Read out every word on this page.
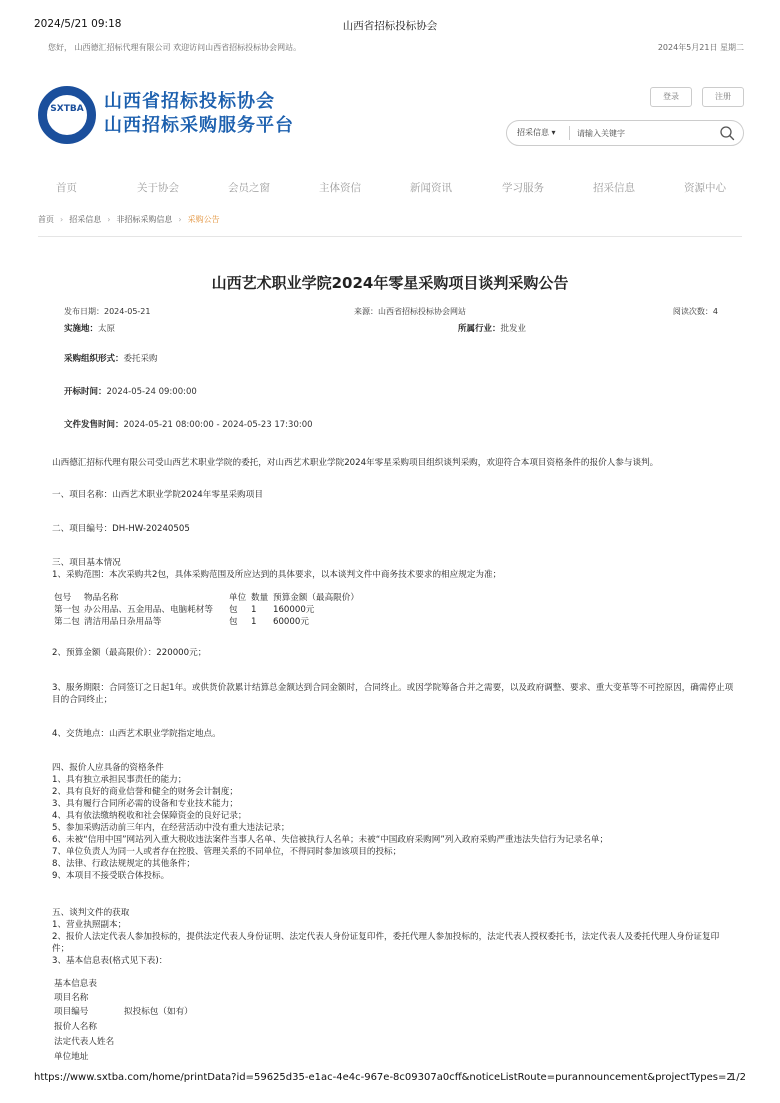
2024/5/21 09:18	山西省招标投标协会
您好， 山西德汇招标代理有限公司 欢迎访问山西省招标投标协会网站。	2024年5月21日 星期二
SXTBA	山西省招标投标协会
山西招标采购服务平台
登录	注册
招采信息 ▾
请输入关键字
首页	关于协会	会员之窗	主体资信	新闻资讯	学习服务	招采信息	资源中心
首页 › 招采信息 › 非招标采购信息 › 采购公告
山西艺术职业学院2024年零星采购项目谈判采购公告
发布日期：2024-05-21	来源：山西省招标投标协会网站	阅读次数：4
实施地：太原	所属行业：批发业
采购组织形式：委托采购
开标时间：2024-05-24 09:00:00
文件发售时间：2024-05-21 08:00:00 - 2024-05-23 17:30:00
山西德汇招标代理有限公司受山西艺术职业学院的委托，对山西艺术职业学院2024年零星采购项目组织谈判采购，欢迎符合本项目资格条件的报价人参与谈判。
一、项目名称：山西艺术职业学院2024年零星采购项目
二、项目编号：DH-HW-20240505
三、项目基本情况
1、采购范围：本次采购共2包，具体采购范围及所应达到的具体要求，以本谈判文件中商务技术要求的相应规定为准；
包号 物品名称	单位 数量 预算金额（最高限价）
第一包 办公用品、五金用品、电脑耗材等 包 1 160000元
第二包 清洁用品日杂用品等	包 1 60000元
2、预算金额（最高限价）：220000元；
3、服务期限：合同签订之日起1年。或供货价款累计结算总金额达到合同金额时，合同终止。或因学院筹备合并之需要，以及政府调整、要求、重大变革等不可控原因，确需停止项目的合同终止；
4、交货地点：山西艺术职业学院指定地点。
四、报价人应具备的资格条件
1、具有独立承担民事责任的能力；
2、具有良好的商业信誉和健全的财务会计制度；
3、具有履行合同所必需的设备和专业技术能力；
4、具有依法缴纳税收和社会保障资金的良好记录；
5、参加采购活动前三年内，在经营活动中没有重大违法记录；
6、未被“信用中国”网站列入重大税收违法案件当事人名单、失信被执行人名单；未被“中国政府采购网”列入政府采购严重违法失信行为记录名单；
7、单位负责人为同一人或者存在控股、管理关系的不同单位，不得同时参加该项目的投标；
8、法律、行政法规规定的其他条件；
9、本项目不接受联合体投标。
五、谈判文件的获取
1、营业执照副本；
2、报价人法定代表人参加投标的，提供法定代表人身份证明、法定代表人身份证复印件，委托代理人参加投标的，法定代表人授权委托书，法定代表人及委托代理人身份证复印件；
3、基本信息表(格式见下表)：
基本信息表
项目名称
项目编号	拟投标包（如有）
报价人名称
法定代表人姓名
单位地址
https://www.sxtba.com/home/printData?id=59625d35-e1ac-4e4c-967e-8c09307a0cff&noticeListRoute=purannouncement&projectTypes=2
1/2
